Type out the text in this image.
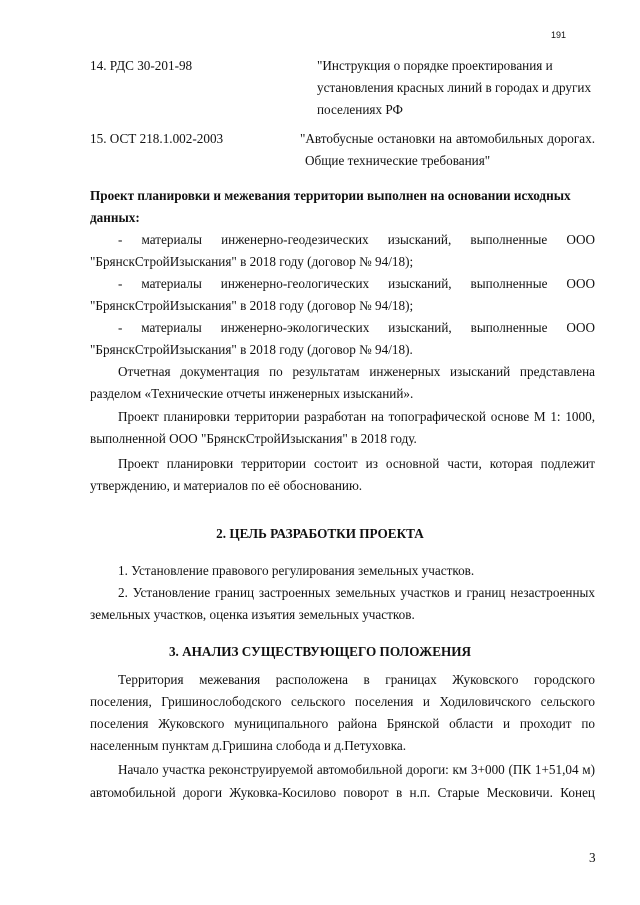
191
14. РДС 30-201-98	"Инструкция о порядке проектирования и
установления красных линий в городах и других
поселениях РФ
15. ОСТ 218.1.002-2003	"Автобусные остановки на автомобильных дорогах.
Общие технические требования"
Проект планировки и межевания территории выполнен на основании исходных
данных:
- материалы инженерно-геодезических изысканий, выполненные ООО
"БрянскСтройИзыскания" в 2018 году (договор № 94/18);
- материалы инженерно-геологических изысканий, выполненные ООО
"БрянскСтройИзыскания" в 2018 году (договор № 94/18);
- материалы инженерно-экологических изысканий, выполненные ООО
"БрянскСтройИзыскания" в 2018 году (договор № 94/18).
Отчетная документация по результатам инженерных изысканий представлена
разделом «Технические отчеты инженерных изысканий».
Проект планировки территории разработан на топографической основе М 1: 1000,
выполненной ООО "БрянскСтройИзыскания" в 2018 году.
Проект планировки территории состоит из основной части, которая подлежит
утверждению, и материалов по её обоснованию.
2. ЦЕЛЬ РАЗРАБОТКИ ПРОЕКТА
1. Установление правового регулирования земельных участков.
2. Установление границ застроенных земельных участков и границ незастроенных
земельных участков, оценка изъятия земельных участков.
3. АНАЛИЗ СУЩЕСТВУЮЩЕГО ПОЛОЖЕНИЯ
Территория межевания расположена в границах Жуковского городского
поселения, Гришинослободского сельского поселения и Ходиловичского сельского
поселения Жуковского муниципального района Брянской области и проходит по
населенным пунктам д.Гришина слобода и д.Петуховка.
Начало участка реконструируемой автомобильной дороги: км 3+000 (ПК 1+51,04 м)
автомобильной дороги Жуковка-Косилово поворот в н.п. Старые Месковичи. Конец
3
